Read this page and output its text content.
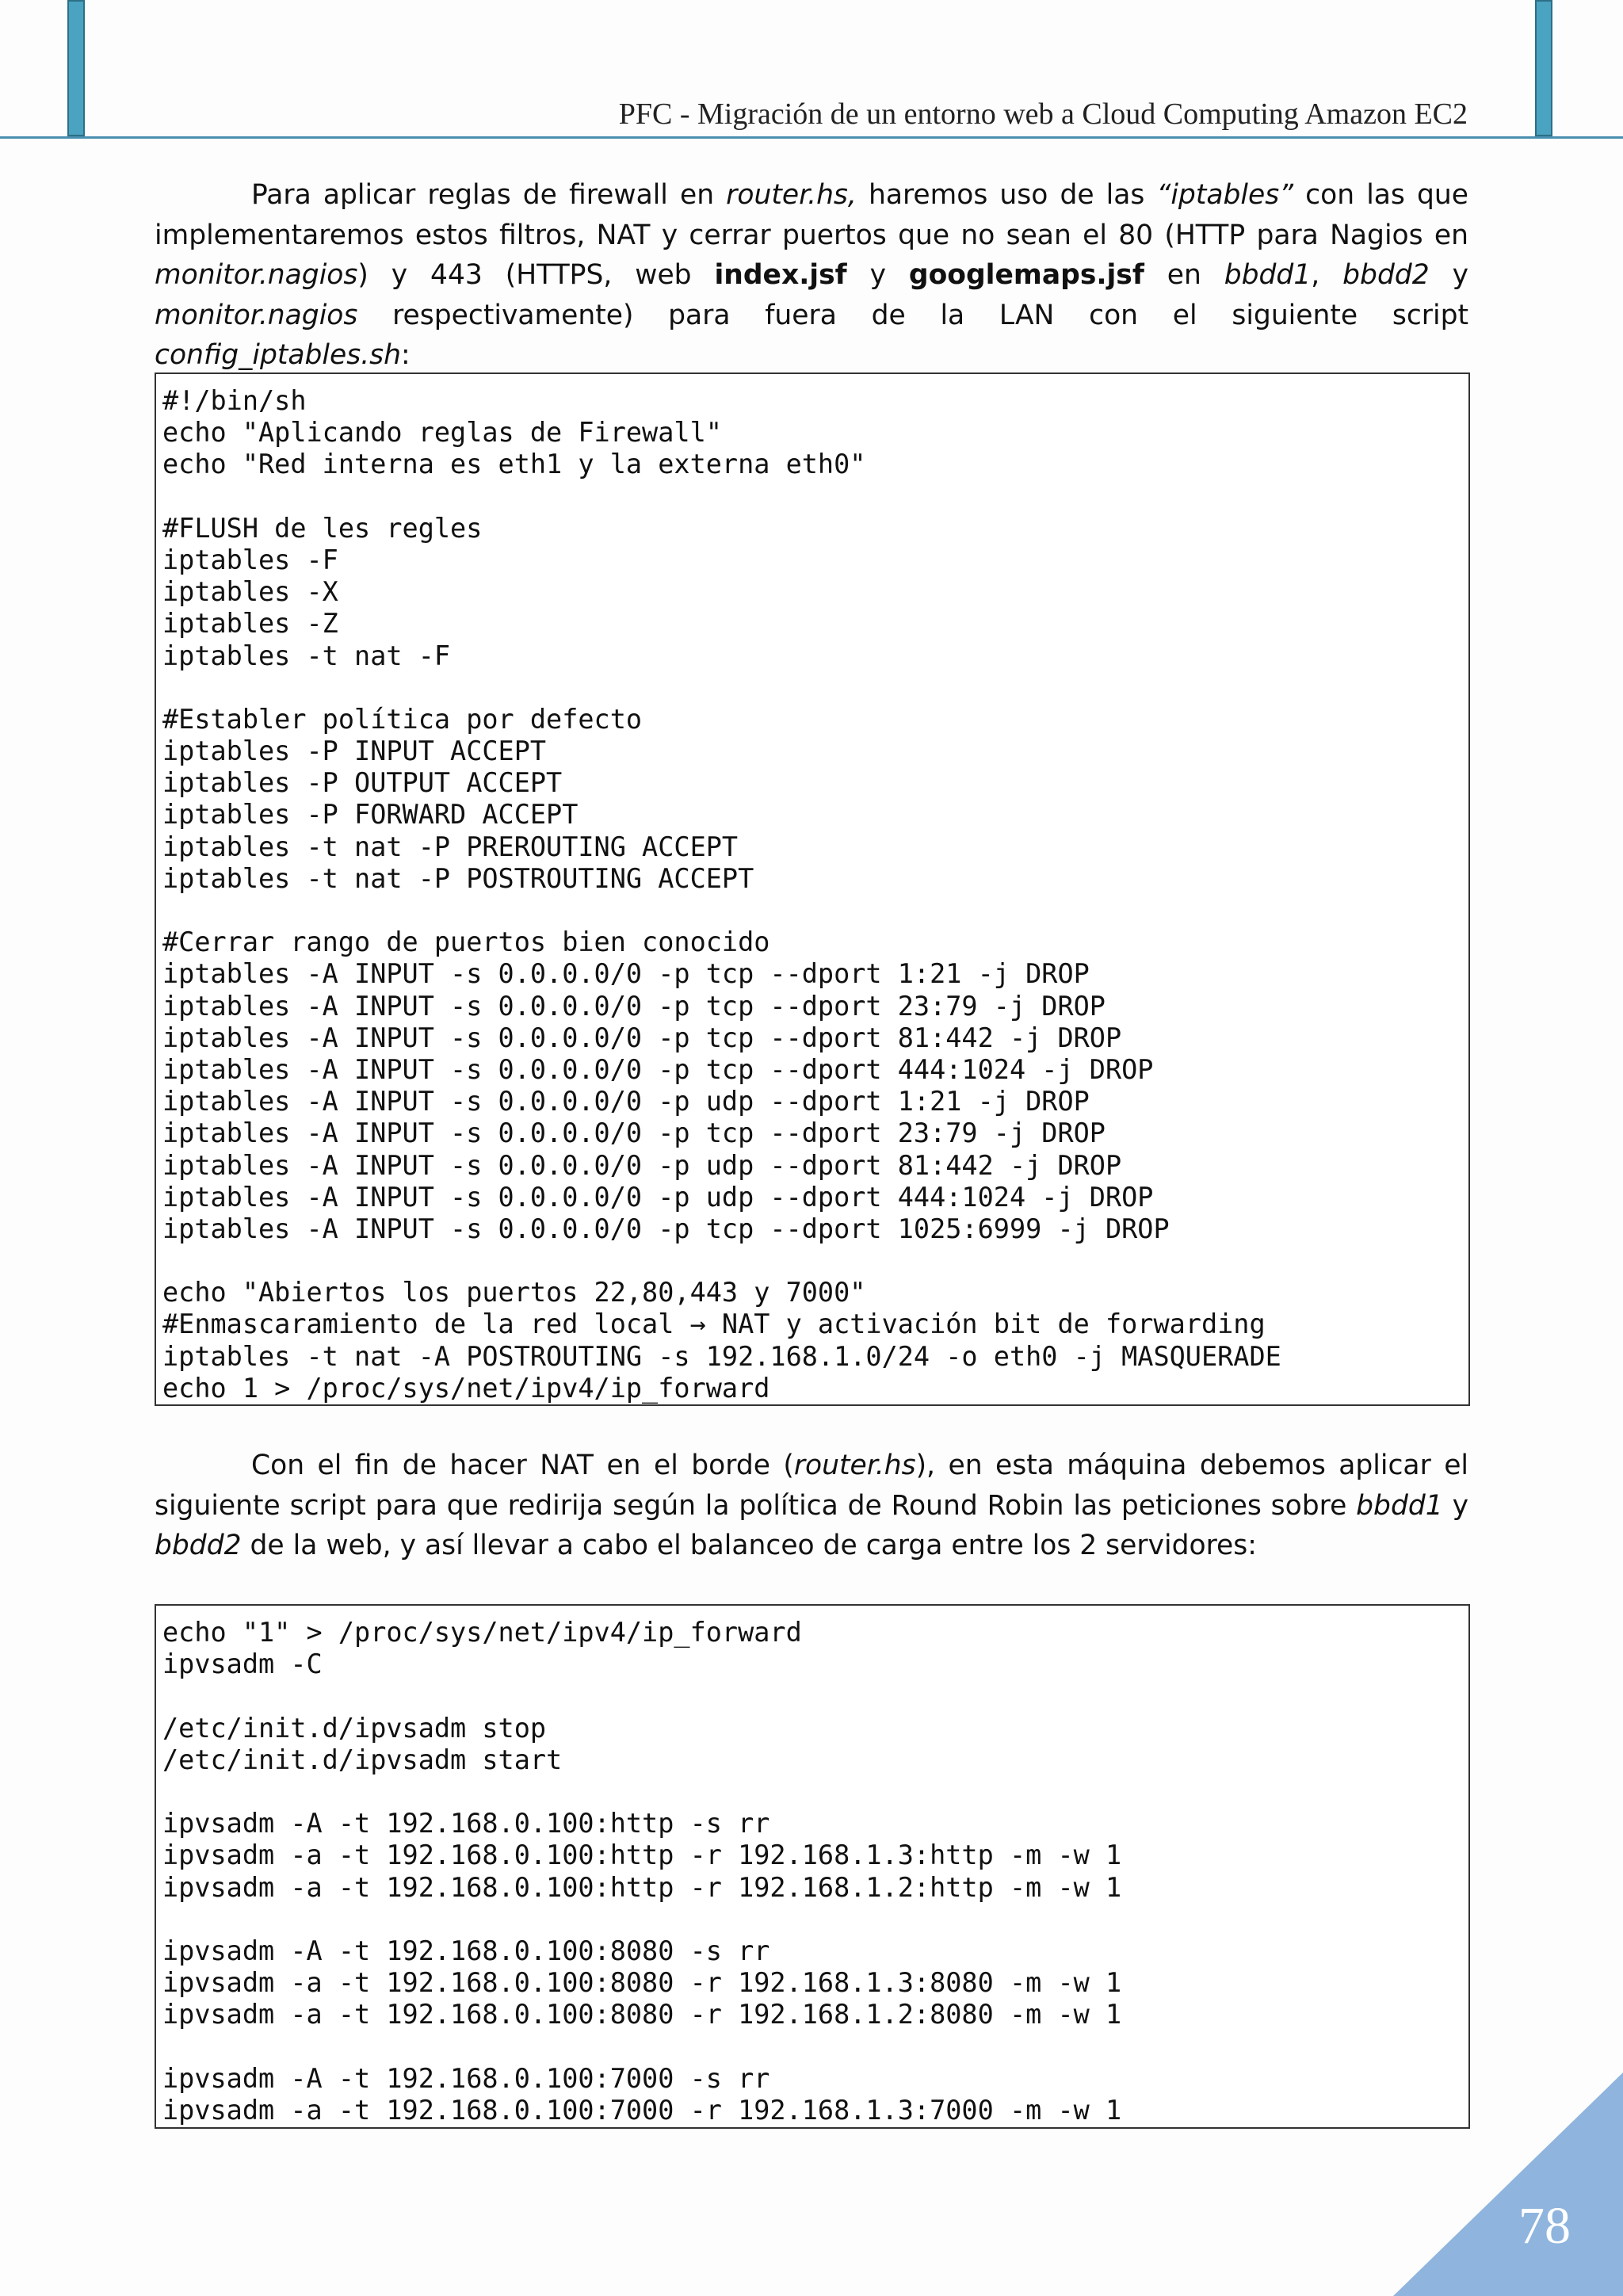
PFC - Migración de un entorno web a Cloud Computing Amazon EC2

Para aplicar reglas de firewall en router.hs, haremos uso de las “iptables” con las que implementaremos estos filtros, NAT y cerrar puertos que no sean el 80 (HTTP para Nagios en monitor.nagios) y 443 (HTTPS, web index.jsf y googlemaps.jsf en bbdd1, bbdd2 y monitor.nagios respectivamente) para fuera de la LAN con el siguiente script config_iptables.sh:

#!/bin/sh
echo "Aplicando reglas de Firewall"
echo "Red interna es eth1 y la externa eth0"
#FLUSH de les regles
iptables -F
iptables -X
iptables -Z
iptables -t nat -F
#Establer política por defecto
iptables -P INPUT ACCEPT
iptables -P OUTPUT ACCEPT
iptables -P FORWARD ACCEPT
iptables -t nat -P PREROUTING ACCEPT
iptables -t nat -P POSTROUTING ACCEPT
#Cerrar rango de puertos bien conocido
iptables -A INPUT -s 0.0.0.0/0 -p tcp --dport 1:21 -j DROP
iptables -A INPUT -s 0.0.0.0/0 -p tcp --dport 23:79 -j DROP
iptables -A INPUT -s 0.0.0.0/0 -p tcp --dport 81:442 -j DROP
iptables -A INPUT -s 0.0.0.0/0 -p tcp --dport 444:1024 -j DROP
iptables -A INPUT -s 0.0.0.0/0 -p udp --dport 1:21 -j DROP
iptables -A INPUT -s 0.0.0.0/0 -p tcp --dport 23:79 -j DROP
iptables -A INPUT -s 0.0.0.0/0 -p udp --dport 81:442 -j DROP
iptables -A INPUT -s 0.0.0.0/0 -p udp --dport 444:1024 -j DROP
iptables -A INPUT -s 0.0.0.0/0 -p tcp --dport 1025:6999 -j DROP
echo "Abiertos los puertos 22,80,443 y 7000"
#Enmascaramiento de la red local → NAT y activación bit de forwarding
iptables -t nat -A POSTROUTING -s 192.168.1.0/24 -o eth0 -j MASQUERADE
echo 1 > /proc/sys/net/ipv4/ip_forward

Con el fin de hacer NAT en el borde (router.hs), en esta máquina debemos aplicar el siguiente script para que redirija según la política de Round Robin las peticiones sobre bbdd1 y bbdd2 de la web, y así llevar a cabo el balanceo de carga entre los 2 servidores:

echo "1" > /proc/sys/net/ipv4/ip_forward
ipvsadm -C
/etc/init.d/ipvsadm stop
/etc/init.d/ipvsadm start
ipvsadm -A -t 192.168.0.100:http -s rr
ipvsadm -a -t 192.168.0.100:http -r 192.168.1.3:http -m -w 1
ipvsadm -a -t 192.168.0.100:http -r 192.168.1.2:http -m -w 1
ipvsadm -A -t 192.168.0.100:8080 -s rr
ipvsadm -a -t 192.168.0.100:8080 -r 192.168.1.3:8080 -m -w 1
ipvsadm -a -t 192.168.0.100:8080 -r 192.168.1.2:8080 -m -w 1
ipvsadm -A -t 192.168.0.100:7000 -s rr
ipvsadm -a -t 192.168.0.100:7000 -r 192.168.1.3:7000 -m -w 1
78
